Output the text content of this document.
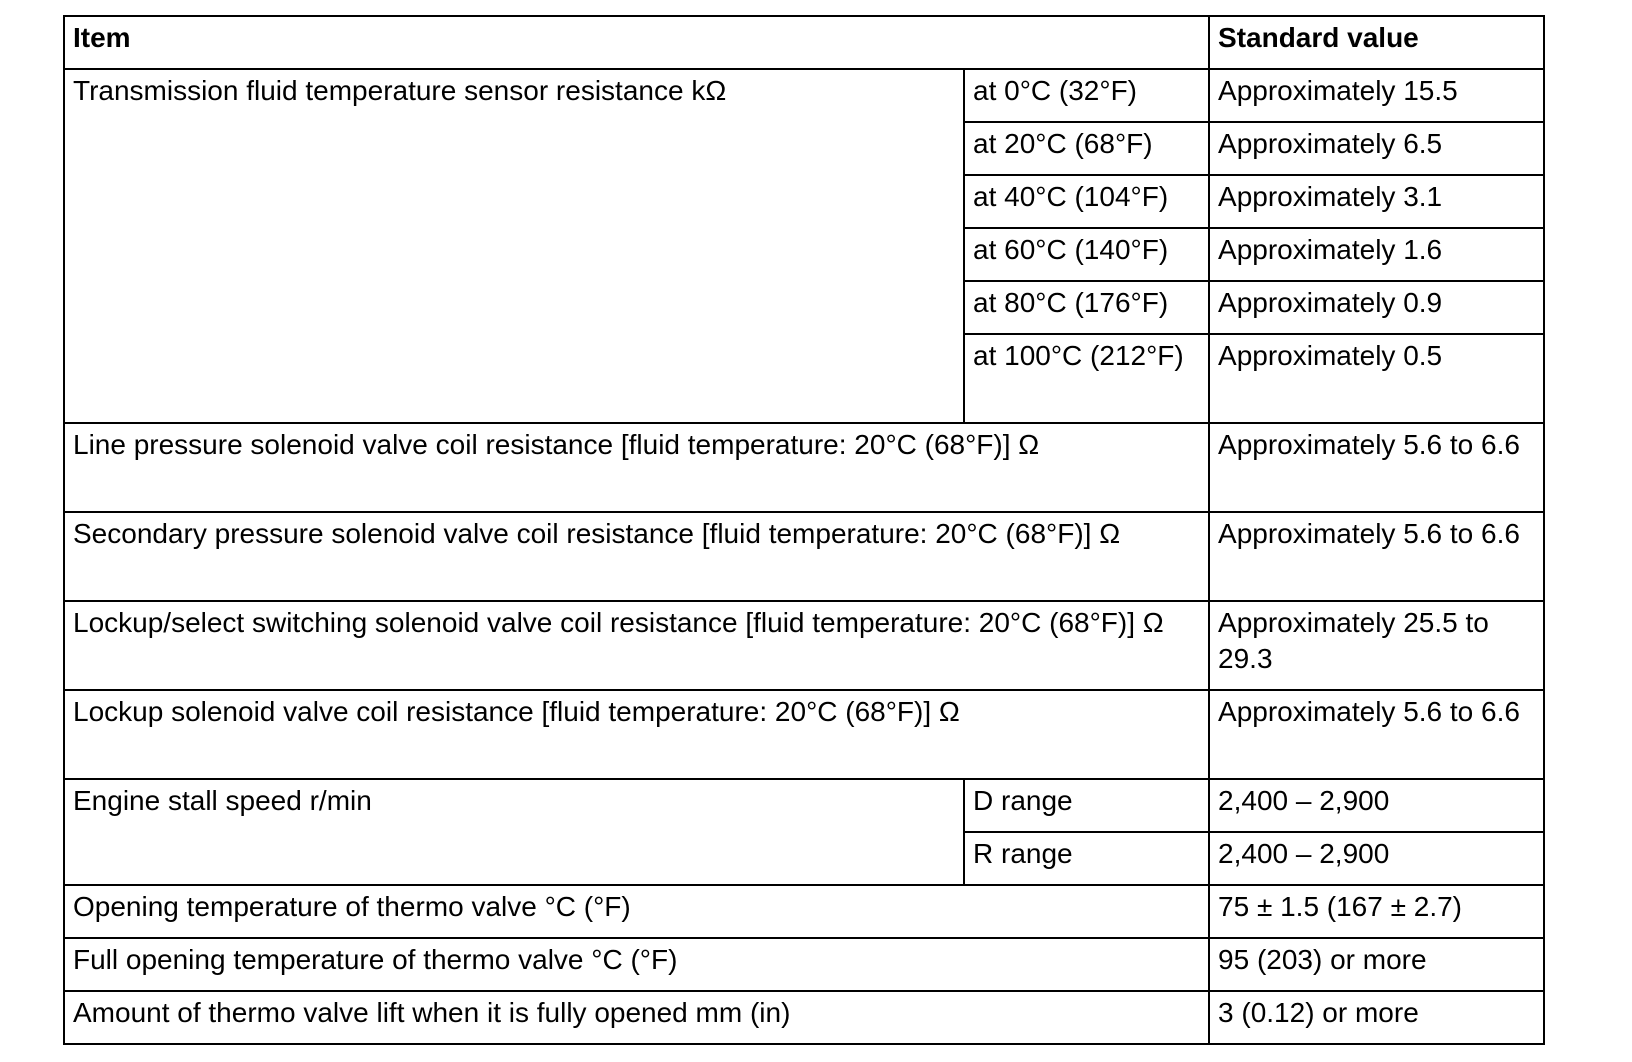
Item		Standard value
Transmission fluid temperature sensor resistance kΩ	at 0°C (32°F)	Approximately 15.5
	at 20°C (68°F)	Approximately 6.5
	at 40°C (104°F)	Approximately 3.1
	at 60°C (140°F)	Approximately 1.6
	at 80°C (176°F)	Approximately 0.9
	at 100°C (212°F)	Approximately 0.5
Line pressure solenoid valve coil resistance [fluid temperature: 20°C (68°F)] Ω		Approximately 5.6 to 6.6
Secondary pressure solenoid valve coil resistance [fluid temperature: 20°C (68°F)] Ω		Approximately 5.6 to 6.6
Lockup/select switching solenoid valve coil resistance [fluid temperature: 20°C (68°F)] Ω		Approximately 25.5 to 29.3
Lockup solenoid valve coil resistance [fluid temperature: 20°C (68°F)] Ω		Approximately 5.6 to 6.6
Engine stall speed r/min	D range	2,400 – 2,900
	R range	2,400 – 2,900
Opening temperature of thermo valve °C (°F)		75 ± 1.5 (167 ± 2.7)
Full opening temperature of thermo valve °C (°F)		95 (203) or more
Amount of thermo valve lift when it is fully opened mm (in)		3 (0.12) or more
